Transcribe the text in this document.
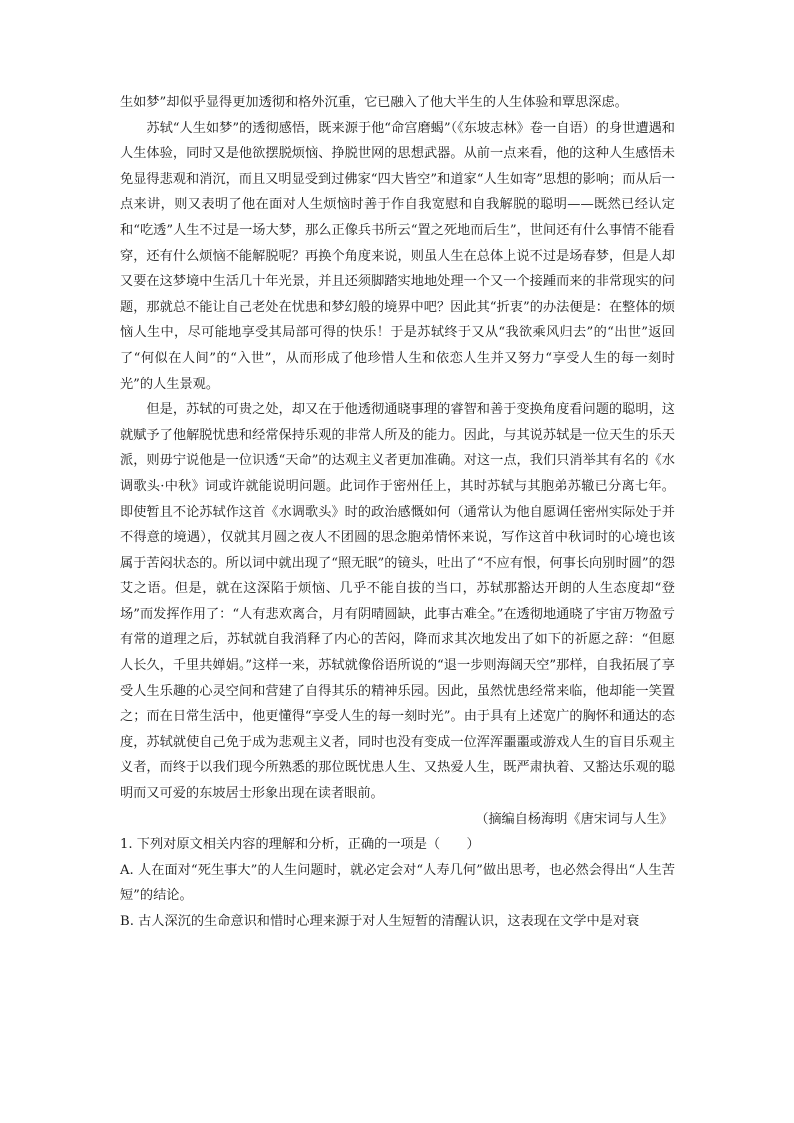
生如梦”却似乎显得更加透彻和格外沉重，它已融入了他大半生的人生体验和覃思深虑。

苏轼“人生如梦”的透彻感悟，既来源于他“命宫磨蝎”（《东坡志林》卷一自语）的身世遭遇和人生体验，同时又是他欲摆脱烦恼、挣脱世网的思想武器。从前一点来看，他的这种人生感悟未免显得悲观和消沉，而且又明显受到过佛家“四大皆空”和道家“人生如寄”思想的影响；而从后一点来讲，则又表明了他在面对人生烦恼时善于作自我宽慰和自我解脱的聪明——既然已经认定和“吃透”人生不过是一场大梦，那么正像兵书所云“置之死地而后生”，世间还有什么事情不能看穿，还有什么烦恼不能解脱呢？再换个角度来说，则虽人生在总体上说不过是场春梦，但是人却又要在这梦境中生活几十年光景，并且还须脚踏实地地处理一个又一个接踵而来的非常现实的问题，那就总不能让自己老处在忧患和梦幻般的境界中吧？因此其“折衷”的办法便是：在整体的烦恼人生中，尽可能地享受其局部可得的快乐！于是苏轼终于又从“我欲乘风归去”的“出世”返回了“何似在人间”的“入世”，从而形成了他珍惜人生和依恋人生并又努力“享受人生的每一刻时光”的人生景观。

但是，苏轼的可贵之处，却又在于他透彻通晓事理的睿智和善于变换角度看问题的聪明，这就赋予了他解脱忧患和经常保持乐观的非常人所及的能力。因此，与其说苏轼是一位天生的乐天派，则毋宁说他是一位识透“天命”的达观主义者更加准确。对这一点，我们只消举其有名的《水调歌头·中秋》词或许就能说明问题。此词作于密州任上，其时苏轼与其胞弟苏辙已分离七年。即使暂且不论苏轼作这首《水调歌头》时的政治感慨如何（通常认为他自愿调任密州实际处于并不得意的境遇），仅就其月圆之夜人不团圆的思念胞弟情怀来说，写作这首中秋词时的心境也该属于苦闷状态的。所以词中就出现了“照无眠”的镜头，吐出了“不应有恨，何事长向别时圆”的怨艾之语。但是，就在这深陷于烦恼、几乎不能自拔的当口，苏轼那豁达开朗的人生态度却“登场”而发挥作用了：“人有悲欢离合，月有阴晴圆缺，此事古难全。”在透彻地通晓了宇宙万物盈亏有常的道理之后，苏轼就自我消释了内心的苦闷，降而求其次地发出了如下的祈愿之辞：“但愿人长久，千里共婵娟。”这样一来，苏轼就像俗语所说的“退一步则海阔天空”那样，自我拓展了享受人生乐趣的心灵空间和营建了自得其乐的精神乐园。因此，虽然忧患经常来临，他却能一笑置之；而在日常生活中，他更懂得“享受人生的每一刻时光”。由于具有上述宽广的胸怀和通达的态度，苏轼就使自己免于成为悲观主义者，同时也没有变成一位浑浑噩噩或游戏人生的盲目乐观主义者，而终于以我们现今所熟悉的那位既忧患人生、又热爱人生，既严肃执着、又豁达乐观的聪明而又可爱的东坡居士形象出现在读者眼前。

（摘编自杨海明《唐宋词与人生》

1. 下列对原文相关内容的理解和分析，正确的一项是（　　）

A. 人在面对“死生事大”的人生问题时，就必定会对“人寿几何”做出思考，也必然会得出“人生苦短”的结论。

B. 古人深沉的生命意识和惜时心理来源于对人生短暂的清醒认识，这表现在文学中是对衰
